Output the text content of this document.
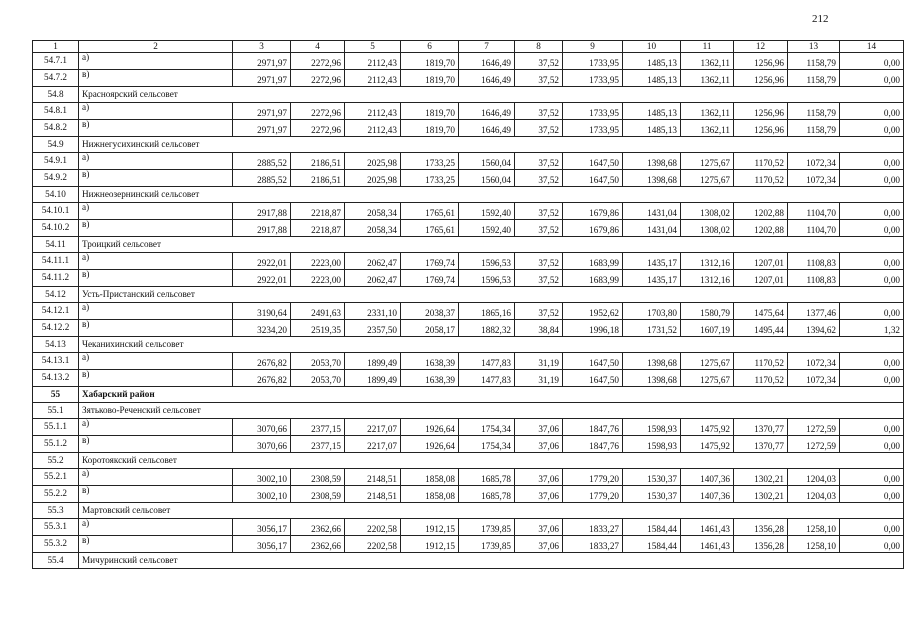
212
1	2	3	4	5	6	7	8	9	10	11	12	13	14
54.7.1	а)	2971,97	2272,96	2112,43	1819,70	1646,49	37,52	1733,95	1485,13	1362,11	1256,96	1158,79	0,00
54.7.2	в)	2971,97	2272,96	2112,43	1819,70	1646,49	37,52	1733,95	1485,13	1362,11	1256,96	1158,79	0,00
54.8	Красноярский сельсовет												
54.8.1	а)	2971,97	2272,96	2112,43	1819,70	1646,49	37,52	1733,95	1485,13	1362,11	1256,96	1158,79	0,00
54.8.2	в)	2971,97	2272,96	2112,43	1819,70	1646,49	37,52	1733,95	1485,13	1362,11	1256,96	1158,79	0,00
54.9	Нижнегусихинский сельсовет												
54.9.1	а)	2885,52	2186,51	2025,98	1733,25	1560,04	37,52	1647,50	1398,68	1275,67	1170,52	1072,34	0,00
54.9.2	в)	2885,52	2186,51	2025,98	1733,25	1560,04	37,52	1647,50	1398,68	1275,67	1170,52	1072,34	0,00
54.10	Нижнеозернинский сельсовет												
54.10.1	а)	2917,88	2218,87	2058,34	1765,61	1592,40	37,52	1679,86	1431,04	1308,02	1202,88	1104,70	0,00
54.10.2	в)	2917,88	2218,87	2058,34	1765,61	1592,40	37,52	1679,86	1431,04	1308,02	1202,88	1104,70	0,00
54.11	Троицкий сельсовет												
54.11.1	а)	2922,01	2223,00	2062,47	1769,74	1596,53	37,52	1683,99	1435,17	1312,16	1207,01	1108,83	0,00
54.11.2	в)	2922,01	2223,00	2062,47	1769,74	1596,53	37,52	1683,99	1435,17	1312,16	1207,01	1108,83	0,00
54.12	Усть-Пристанский сельсовет												
54.12.1	а)	3190,64	2491,63	2331,10	2038,37	1865,16	37,52	1952,62	1703,80	1580,79	1475,64	1377,46	0,00
54.12.2	в)	3234,20	2519,35	2357,50	2058,17	1882,32	38,84	1996,18	1731,52	1607,19	1495,44	1394,62	1,32
54.13	Чеканихинский сельсовет												
54.13.1	а)	2676,82	2053,70	1899,49	1638,39	1477,83	31,19	1647,50	1398,68	1275,67	1170,52	1072,34	0,00
54.13.2	в)	2676,82	2053,70	1899,49	1638,39	1477,83	31,19	1647,50	1398,68	1275,67	1170,52	1072,34	0,00
55	Хабарский район												
55.1	Зятьково-Реченский сельсовет												
55.1.1	а)	3070,66	2377,15	2217,07	1926,64	1754,34	37,06	1847,76	1598,93	1475,92	1370,77	1272,59	0,00
55.1.2	в)	3070,66	2377,15	2217,07	1926,64	1754,34	37,06	1847,76	1598,93	1475,92	1370,77	1272,59	0,00
55.2	Коротоякский сельсовет												
55.2.1	а)	3002,10	2308,59	2148,51	1858,08	1685,78	37,06	1779,20	1530,37	1407,36	1302,21	1204,03	0,00
55.2.2	в)	3002,10	2308,59	2148,51	1858,08	1685,78	37,06	1779,20	1530,37	1407,36	1302,21	1204,03	0,00
55.3	Мартовский сельсовет												
55.3.1	а)	3056,17	2362,66	2202,58	1912,15	1739,85	37,06	1833,27	1584,44	1461,43	1356,28	1258,10	0,00
55.3.2	в)	3056,17	2362,66	2202,58	1912,15	1739,85	37,06	1833,27	1584,44	1461,43	1356,28	1258,10	0,00
55.4	Мичуринский сельсовет												
